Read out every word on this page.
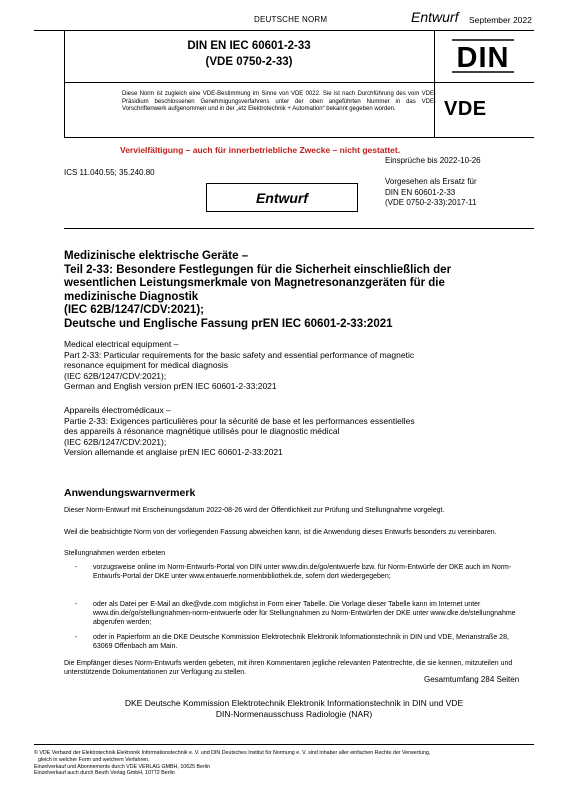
DEUTSCHE NORM	Entwurf September 2022
DIN EN IEC 60601-2-33
(VDE 0750-2-33)	DIN
Diese Norm ist zugleich eine VDE-Bestimmung im Sinne von VDE 0022. Sie ist nach Durchführung des vom VDE-Präsidium beschlossenen Genehmigungsverfahrens unter der oben angeführten Nummer in das VDE-Vorschriftenwerk aufgenommen und in der „etz Elektrotechnik + Automation“ bekannt gegeben worden.	VDE
Vervielfältigung – auch für innerbetriebliche Zwecke – nicht gestattet.
Einsprüche bis 2022-10-26
ICS 11.040.55; 35.240.80
Entwurf
Vorgesehen als Ersatz für
DIN EN 60601-2-33
(VDE 0750-2-33):2017-11
Medizinische elektrische Geräte –
Teil 2-33: Besondere Festlegungen für die Sicherheit einschließlich der
wesentlichen Leistungsmerkmale von Magnetresonanzgeräten für die
medizinische Diagnostik
(IEC 62B/1247/CDV:2021);
Deutsche und Englische Fassung prEN IEC 60601-2-33:2021
Medical electrical equipment –
Part 2-33: Particular requirements for the basic safety and essential performance of magnetic
resonance equipment for medical diagnosis
(IEC 62B/1247/CDV:2021);
German and English version prEN IEC 60601-2-33:2021
Appareils électromédicaux –
Partie 2-33: Exigences particulières pour la sécurité de base et les performances essentielles
des appareils à résonance magnétique utilisés pour le diagnostic médical
(IEC 62B/1247/CDV:2021);
Version allemande et anglaise prEN IEC 60601-2-33:2021
Anwendungswarnvermerk
Dieser Norm-Entwurf mit Erscheinungsdatum 2022-08-26 wird der Öffentlichkeit zur Prüfung und Stellungnahme vorgelegt.
Weil die beabsichtigte Norm von der vorliegenden Fassung abweichen kann, ist die Anwendung dieses Entwurfs besonders zu vereinbaren.
Stellungnahmen werden erbeten
- vorzugsweise online im Norm-Entwurfs-Portal von DIN unter www.din.de/go/entwuerfe bzw. für Norm-Entwürfe der DKE auch im Norm-Entwurfs-Portal der DKE unter www.entwuerfe.normenbibliothek.de, sofern dort wiedergegeben;
- oder als Datei per E-Mail an dke@vde.com möglichst in Form einer Tabelle. Die Vorlage dieser Tabelle kann im Internet unter www.din.de/go/stellungnahmen-norm-entwuerfe oder für Stellungnahmen zu Norm-Entwürfen der DKE unter www.dke.de/stellungnahme abgerufen werden;
- oder in Papierform an die DKE Deutsche Kommission Elektrotechnik Elektronik Informationstechnik in DIN und VDE, Merianstraße 28, 63069 Offenbach am Main.
Die Empfänger dieses Norm-Entwurfs werden gebeten, mit ihren Kommentaren jegliche relevanten Patentrechte, die sie kennen, mitzuteilen und unterstützende Dokumentationen zur Verfügung zu stellen.
Gesamtumfang 284 Seiten
DKE Deutsche Kommission Elektrotechnik Elektronik Informationstechnik in DIN und VDE
DIN-Normenausschuss Radiologie (NAR)
© VDE Verband der Elektrotechnik Elektronik Informationstechnik e. V. und DIN Deutsches Institut für Normung e. V. sind Inhaber aller einfachen Rechte der Verwertung,
gleich in welcher Form und welchem Verfahren.
Einzelverkauf und Abonnements durch VDE VERLAG GMBH, 10625 Berlin
Einzelverkauf auch durch Beuth Verlag GmbH, 10772 Berlin
